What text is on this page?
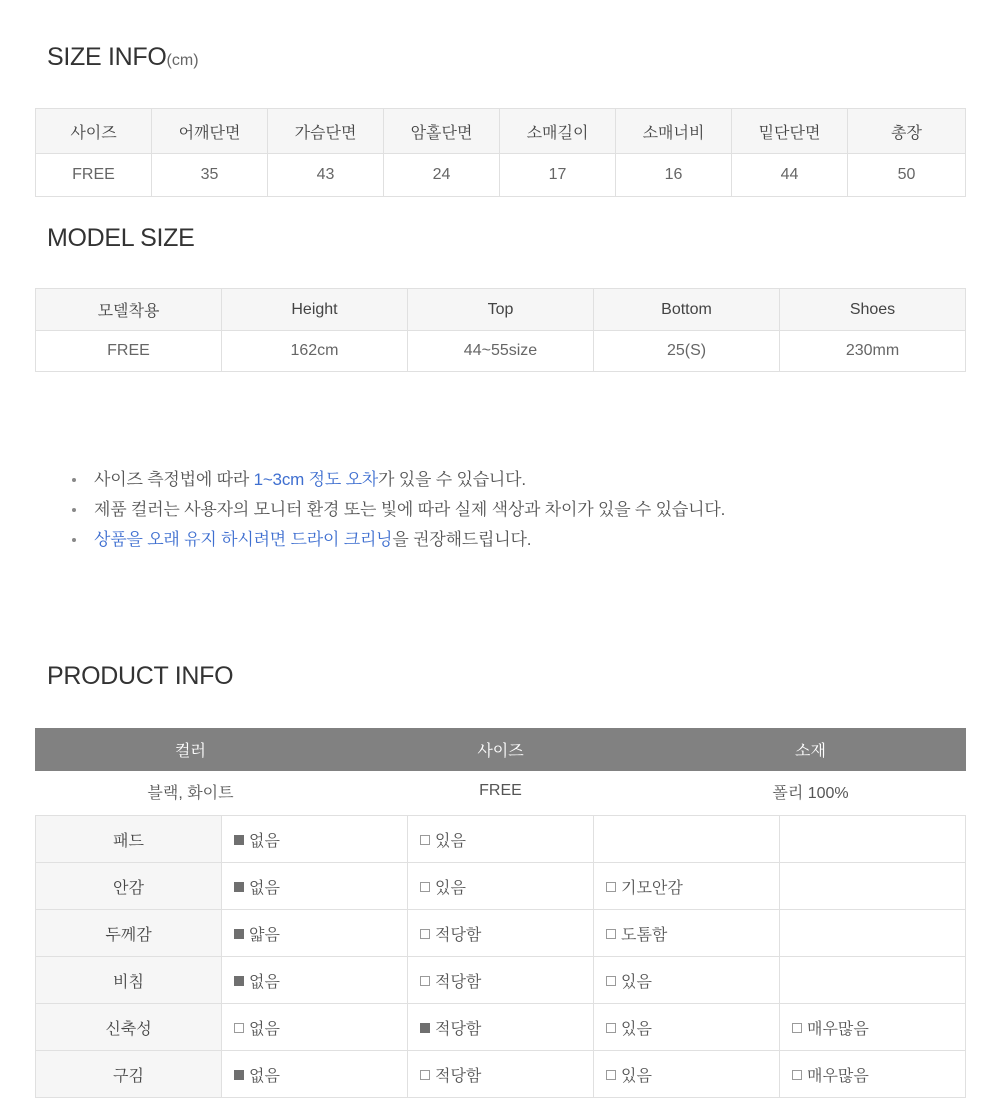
SIZE INFO(cm)
사이즈	어깨단면	가슴단면	암홀단면	소매길이	소매너비	밑단단면	총장
FREE	35	43	24	17	16	44	50
MODEL SIZE
모델착용	Height	Top	Bottom	Shoes
FREE	162cm	44~55size	25(S)	230mm
사이즈 측정법에 따라 1~3cm 정도 오차가 있을 수 있습니다.
제품 컬러는 사용자의 모니터 환경 또는 빛에 따라 실제 색상과 차이가 있을 수 있습니다.
상품을 오래 유지 하시려면 드라이 크리닝을 권장해드립니다.
PRODUCT INFO
컬러	사이즈	소재
블랙, 화이트	FREE	폴리 100%
패드	없음	있음		
안감	없음	있음	기모안감	
두께감	얇음	적당함	도톰함	
비침	없음	적당함	있음	
신축성	없음	적당함	있음	매우많음
구김	없음	적당함	있음	매우많음
